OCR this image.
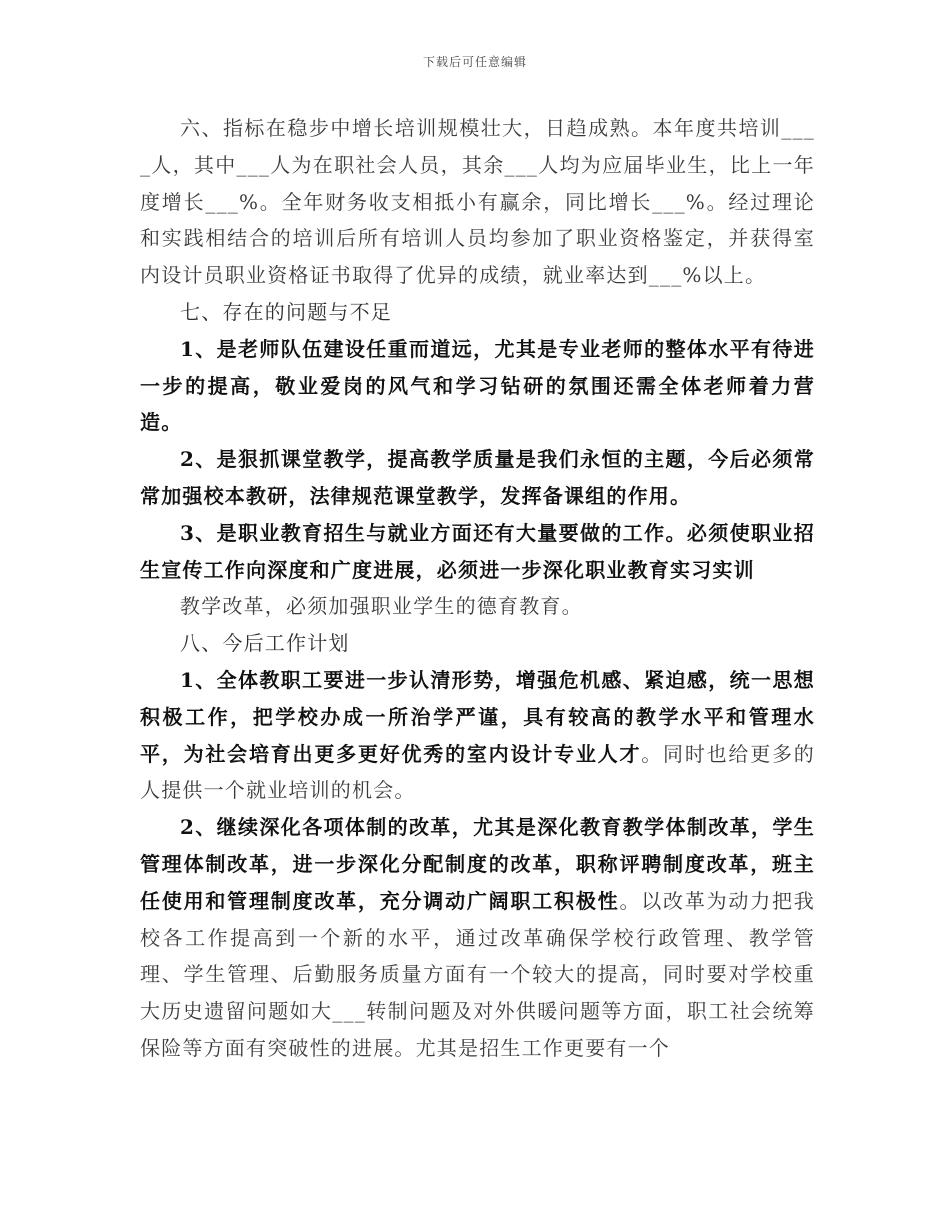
下载后可任意编辑

六、指标在稳步中增长培训规模壮大，日趋成熟。本年度共培训____人，其中___人为在职社会人员，其余___人均为应届毕业生，比上一年度增长___%。全年财务收支相抵小有赢余，同比增长___%。经过理论和实践相结合的培训后所有培训人员均参加了职业资格鉴定，并获得室内设计员职业资格证书取得了优异的成绩，就业率达到___%以上。

七、存在的问题与不足

1、是老师队伍建设任重而道远，尤其是专业老师的整体水平有待进一步的提高，敬业爱岗的风气和学习钻研的氛围还需全体老师着力营造。

2、是狠抓课堂教学，提高教学质量是我们永恒的主题，今后必须常常加强校本教研，法律规范课堂教学，发挥备课组的作用。

3、是职业教育招生与就业方面还有大量要做的工作。必须使职业招生宣传工作向深度和广度进展，必须进一步深化职业教育实习实训

教学改革，必须加强职业学生的德育教育。

八、今后工作计划

1、全体教职工要进一步认清形势，增强危机感、紧迫感，统一思想积极工作，把学校办成一所治学严谨，具有较高的教学水平和管理水平，为社会培育出更多更好优秀的室内设计专业人才。同时也给更多的人提供一个就业培训的机会。

2、继续深化各项体制的改革，尤其是深化教育教学体制改革，学生管理体制改革，进一步深化分配制度的改革，职称评聘制度改革，班主任使用和管理制度改革，充分调动广阔职工积极性。以改革为动力把我校各工作提高到一个新的水平，通过改革确保学校行政管理、教学管理、学生管理、后勤服务质量方面有一个较大的提高，同时要对学校重大历史遗留问题如大___转制问题及对外供暖问题等方面，职工社会统筹保险等方面有突破性的进展。尤其是招生工作更要有一个
